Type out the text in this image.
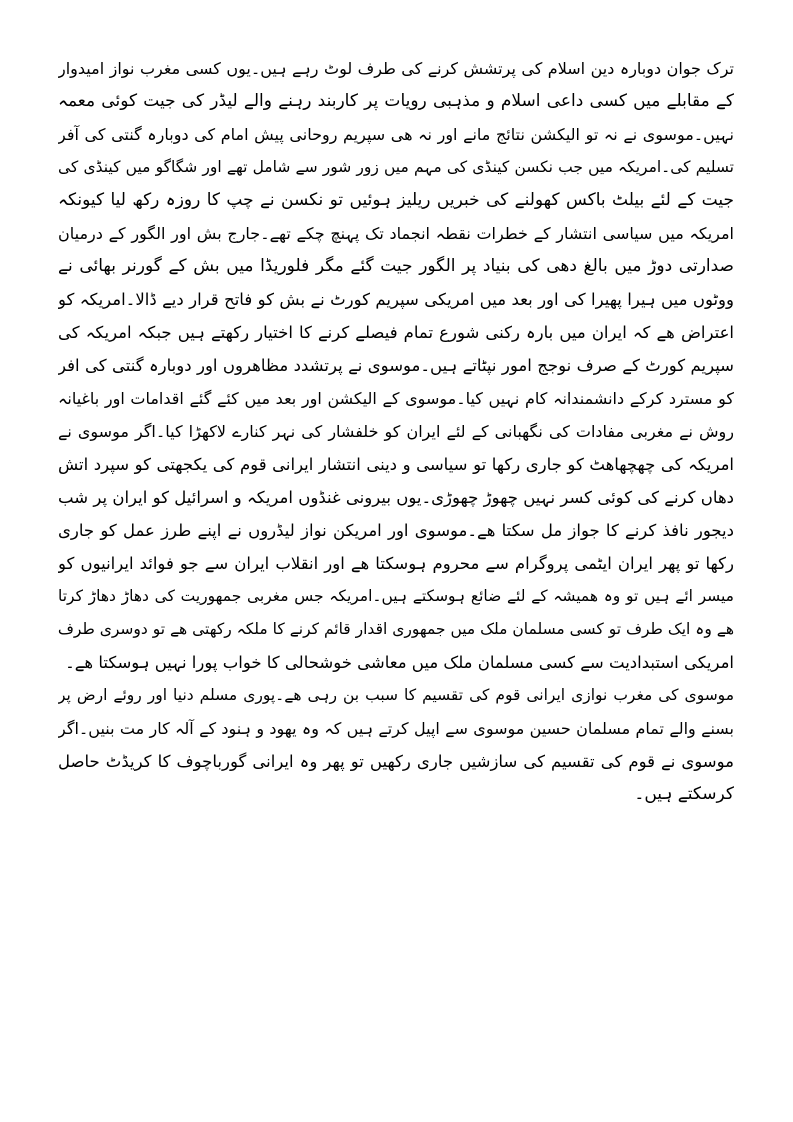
ترک جوان دوبارہ دین اسلام کی پرتشش کرنے کی طرف لوٹ رہے ہیں۔یوں کسی مغرب نواز امیدوار
کے مقابلے میں کسی داعی اسلام و مذہبی رویات پر کاربند رہنے والے لیڈر کی جیت کوئی معمہ
نہیں۔موسوی نے نہ تو الیکشن نتائج مانے اور نہ ھی سپریم روحانی پیش امام کی دوبارہ گنتی کی آفر
تسلیم کی۔امریکہ میں جب نکسن کینڈی کی مہم میں زور شور سے شامل تھے اور شگاگو میں کینڈی کی
جیت کے لئے بیلٹ باکس کھولنے کی خبریں ریلیز ہوئیں تو نکسن نے چپ کا روزہ رکھ لیا کیونکہ
امریکہ میں سیاسی انتشار کے خطرات نقطہ انجماد تک پہنچ چکے تھے۔جارج بش اور الگور کے درمیان
صدارتی دوڑ میں بالغ دھی کی بنیاد پر الگور جیت گئے مگر فلوریڈا میں بش کے گورنر بھائی نے
ووٹوں میں ہیرا پھیرا کی اور بعد میں امریکی سپریم کورٹ نے بش کو فاتح قرار دیے ڈالا۔امریکہ کو
اعتراض ھے کہ ایران میں بارہ رکنی شورع تمام فیصلے کرنے کا اختیار رکھتے ہیں جبکہ امریکہ کی
سپریم کورٹ کے صرف نوجج امور نپٹاتے ہیں۔موسوی نے پرتشدد مظاھروں اور دوبارہ گنتی کی افر
کو مسترد کرکے دانشمندانہ کام نہیں کیا۔موسوی کے الیکشن اور بعد میں کئے گئے اقدامات اور باغیانہ
روش نے مغربی مفادات کی نگھبانی کے لئے ایران کو خلفشار کی نہر کنارے لاکھڑا کیا۔اگر موسوی نے
امریکہ کی چھچھاھٹ کو جاری رکھا تو سیاسی و دینی انتشار ایرانی قوم کی یکجھتی کو سپرد اتش
دھاں کرنے کی کوئی کسر نہیں چھوڑ چھوڑی۔یوں بیرونی غنڈوں امریکہ و اسرائیل کو ایران پر شب
دیجور نافذ کرنے کا جواز مل سکتا ھے۔موسوی اور امریکن نواز لیڈروں نے اپنے طرز عمل کو جاری
رکھا تو پھر ایران ایٹمی پروگرام سے محروم ہوسکتا ھے اور انقلاب ایران سے جو فوائد ایرانیوں کو
میسر ائے ہیں تو وہ ھمیشہ کے لئے ضائع ہوسکتے ہیں۔امریکہ جس مغربی جمھوریت کی دھاڑ دھاڑ کرتا
ھے وہ ایک طرف تو کسی مسلمان ملک میں جمھوری اقدار قائم کرنے کا ملکہ رکھتی ھے تو دوسری طرف
امریکی استبدادیت سے کسی مسلمان ملک میں معاشی خوشحالی کا خواب پورا نہیں ہوسکتا ھے۔
موسوی کی مغرب نوازی ایرانی قوم کی تقسیم کا سبب بن رہی ھے۔پوری مسلم دنیا اور روئے ارض پر
بسنے والے تمام مسلمان حسین موسوی سے اپیل کرتے ہیں کہ وہ یھود و ہنود کے آلہ کار مت بنیں۔اگر
موسوی نے قوم کی تقسیم کی سازشیں جاری رکھیں تو پھر وہ ایرانی گورباچوف کا کریڈٹ حاصل
کرسکتے ہیں۔
